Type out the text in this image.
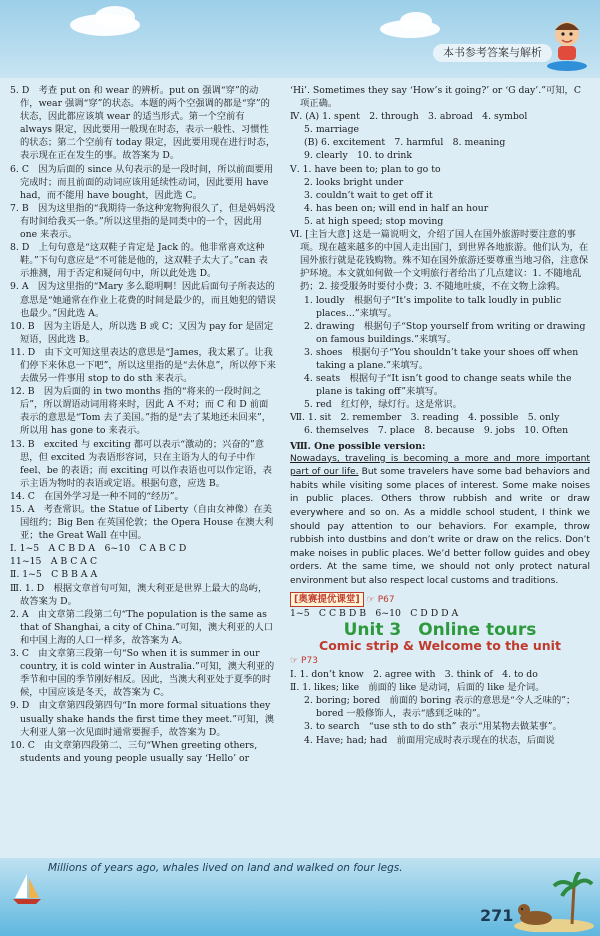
本书参考答案与解析

5. D　考查 put on 和 wear 的辨析。put on 强调“穿”的动作，wear 强调“穿”的状态。本题的两个空强调的都是“穿”的状态，因此都应该填 wear 的适当形式。第一个空前有 always 限定，因此要用一般现在时态，表示一般性、习惯性的状态；第二个空前有 today 限定，因此要用现在进行时态，表示现在正在发生的事。故答案为 D。

6. C　因为后面的 since 从句表示的是一段时间，所以前面要用完成时；而且前面的动词应该用延续性动词，因此要用 have had，而不能用 have bought，因此选 C。

7. B　因为这里指的“我期待一条这种宠物狗很久了，但是妈妈没有时间给我买一条。”所以这里指的是同类中的一个，因此用 one 来表示。

8. D　上句句意是“这双鞋子肯定是 Jack 的。他非常喜欢这种鞋。”下句句意应是“不可能是他的，这双鞋子太大了。”can 表示推测，用于否定和疑问句中，所以此处选 D。

9. A　因为这里指的“Mary 多么聪明啊！因此后面句子所表达的意思是“她通常在作业上花费的时间是最少的，而且她犯的错误也最少。”因此选 A。

10. B　因为主语是人，所以选 B 或 C；又因为 pay for 是固定短语，因此选 B。

11. D　由下文可知这里表达的意思是“James，我太累了。让我们停下来休息一下吧”，所以这里指的是“去休息”，所以停下来去做另一件事用 stop to do sth 来表示。

12. B　因为后面的 in two months 指的“将来的一段时间之后”，所以谓语动词用将来时，因此 A 不对；而 C 和 D 前面表示的意思是“Tom 去了美国。”指的是“去了某地还未回来”，所以用 has gone to 来表示。

13. B　excited 与 exciting 都可以表示“激动的；兴奋的”意思，但 excited 为表语形容词，只在主语为人的句子中作 feel、be 的表语；而 exciting 可以作表语也可以作定语，表示主语为物时的表语或定语。根据句意，应选 B。

14. C　在国外学习是一种不同的“经历”。

15. A　考查常识。the Statue of Liberty（自由女神像）在美国纽约；Big Ben 在英国伦敦；the Opera House 在澳大利亚；the Great Wall 在中国。

Ⅰ. 1~5　A C B D A　6~10　C A B C D

11~15　A B C A C

Ⅱ. 1~5　C B B A A

Ⅲ. 1. D　根据文章首句可知，澳大利亚是世界上最大的岛屿，故答案为 D。

2. A　由文章第二段第二句“The population is the same as that of Shanghai, a city of China.”可知，澳大利亚的人口和中国上海的人口一样多，故答案为 A。

3. C　由文章第三段第一句“So when it is summer in our country, it is cold winter in Australia.”可知，澳大利亚的季节和中国的季节刚好相反。因此，当澳大利亚处于夏季的时候，中国应该是冬天，故答案为 C。

9. D　由文章第四段第四句“In more formal situations they usually shake hands the first time they meet.”可知，澳大利亚人第一次见面时通常要握手，故答案为 D。

10. C　由文章第四段第二、三句“When greeting others, students and young people usually say ‘Hello’ or

‘Hi’. Sometimes they say ‘How’s it going?’ or ‘G day’.”可知，C 项正确。

Ⅳ. (A) 1. spent　2. through　3. abroad　4. symbol

5. marriage

(B) 6. excitement　7. harmful　8. meaning

9. clearly　10. to drink

Ⅴ. 1. have been to; plan to go to

2. looks bright under

3. couldn’t wait to get off it

4. has been on; will end in half an hour

5. at high speed; stop moving

Ⅵ. [主旨大意] 这是一篇说明文，介绍了国人在国外旅游时要注意的事项。现在越来越多的中国人走出国门，到世界各地旅游。他们认为，在国外旅行就是花钱购物。殊不知在国外旅游还要尊重当地习俗，注意保护环境。本文就如何做一个文明旅行者给出了几点建议：1. 不随地乱扔；2. 接受服务时要付小费；3. 不随地吐痰，不在文物上涂鸦。

1. loudly　根据句子“It’s impolite to talk loudly in public places...”来填写。

2. drawing　根据句子“Stop yourself from writing or drawing on famous buildings.”来填写。

3. shoes　根据句子“You shouldn’t take your shoes off when taking a plane.”来填写。

4. seats　根据句子“It isn’t good to change seats while the plane is taking off”来填写。

5. red　红灯停，绿灯行。这是常识。

Ⅶ. 1. sit　2. remember　3. reading　4. possible　5. only

6. themselves　7. place　8. because　9. jobs　10. Often

Ⅷ. One possible version:
Nowadays, traveling is becoming a more and more important part of our life. But some travelers have some bad behaviors and habits while visiting some places of interest. Some make noises in public places. Others throw rubbish and write or draw everywhere and so on. As a middle school student, I think we should pay attention to our behaviors. For example, throw rubbish into dustbins and don’t write or draw on the relics. Don’t make noises in public places. We’d better follow guides and obey orders. At the same time, we should not only protect natural environment but also respect local customs and traditions.
[奥赛提优课堂] ☞ P67
1~5　C C B D B　6~10　C D D D A
Unit 3　Online tours
Comic strip & Welcome to the unit
☞ P73

Ⅰ. 1. don’t know　2. agree with　3. think of　4. to do

Ⅱ. 1. likes; like　前面的 like 是动词，后面的 like 是介词。

2. boring; bored　前面的 boring 表示的意思是“令人乏味的”；bored 一般修饰人，表示“感到乏味的”。

3. to search　“use sth to do sth” 表示“用某物去做某事”。

4. Have; had; had　前面用完成时表示现在的状态，后面说

Millions of years ago, whales lived on land and walked on four legs.
271
